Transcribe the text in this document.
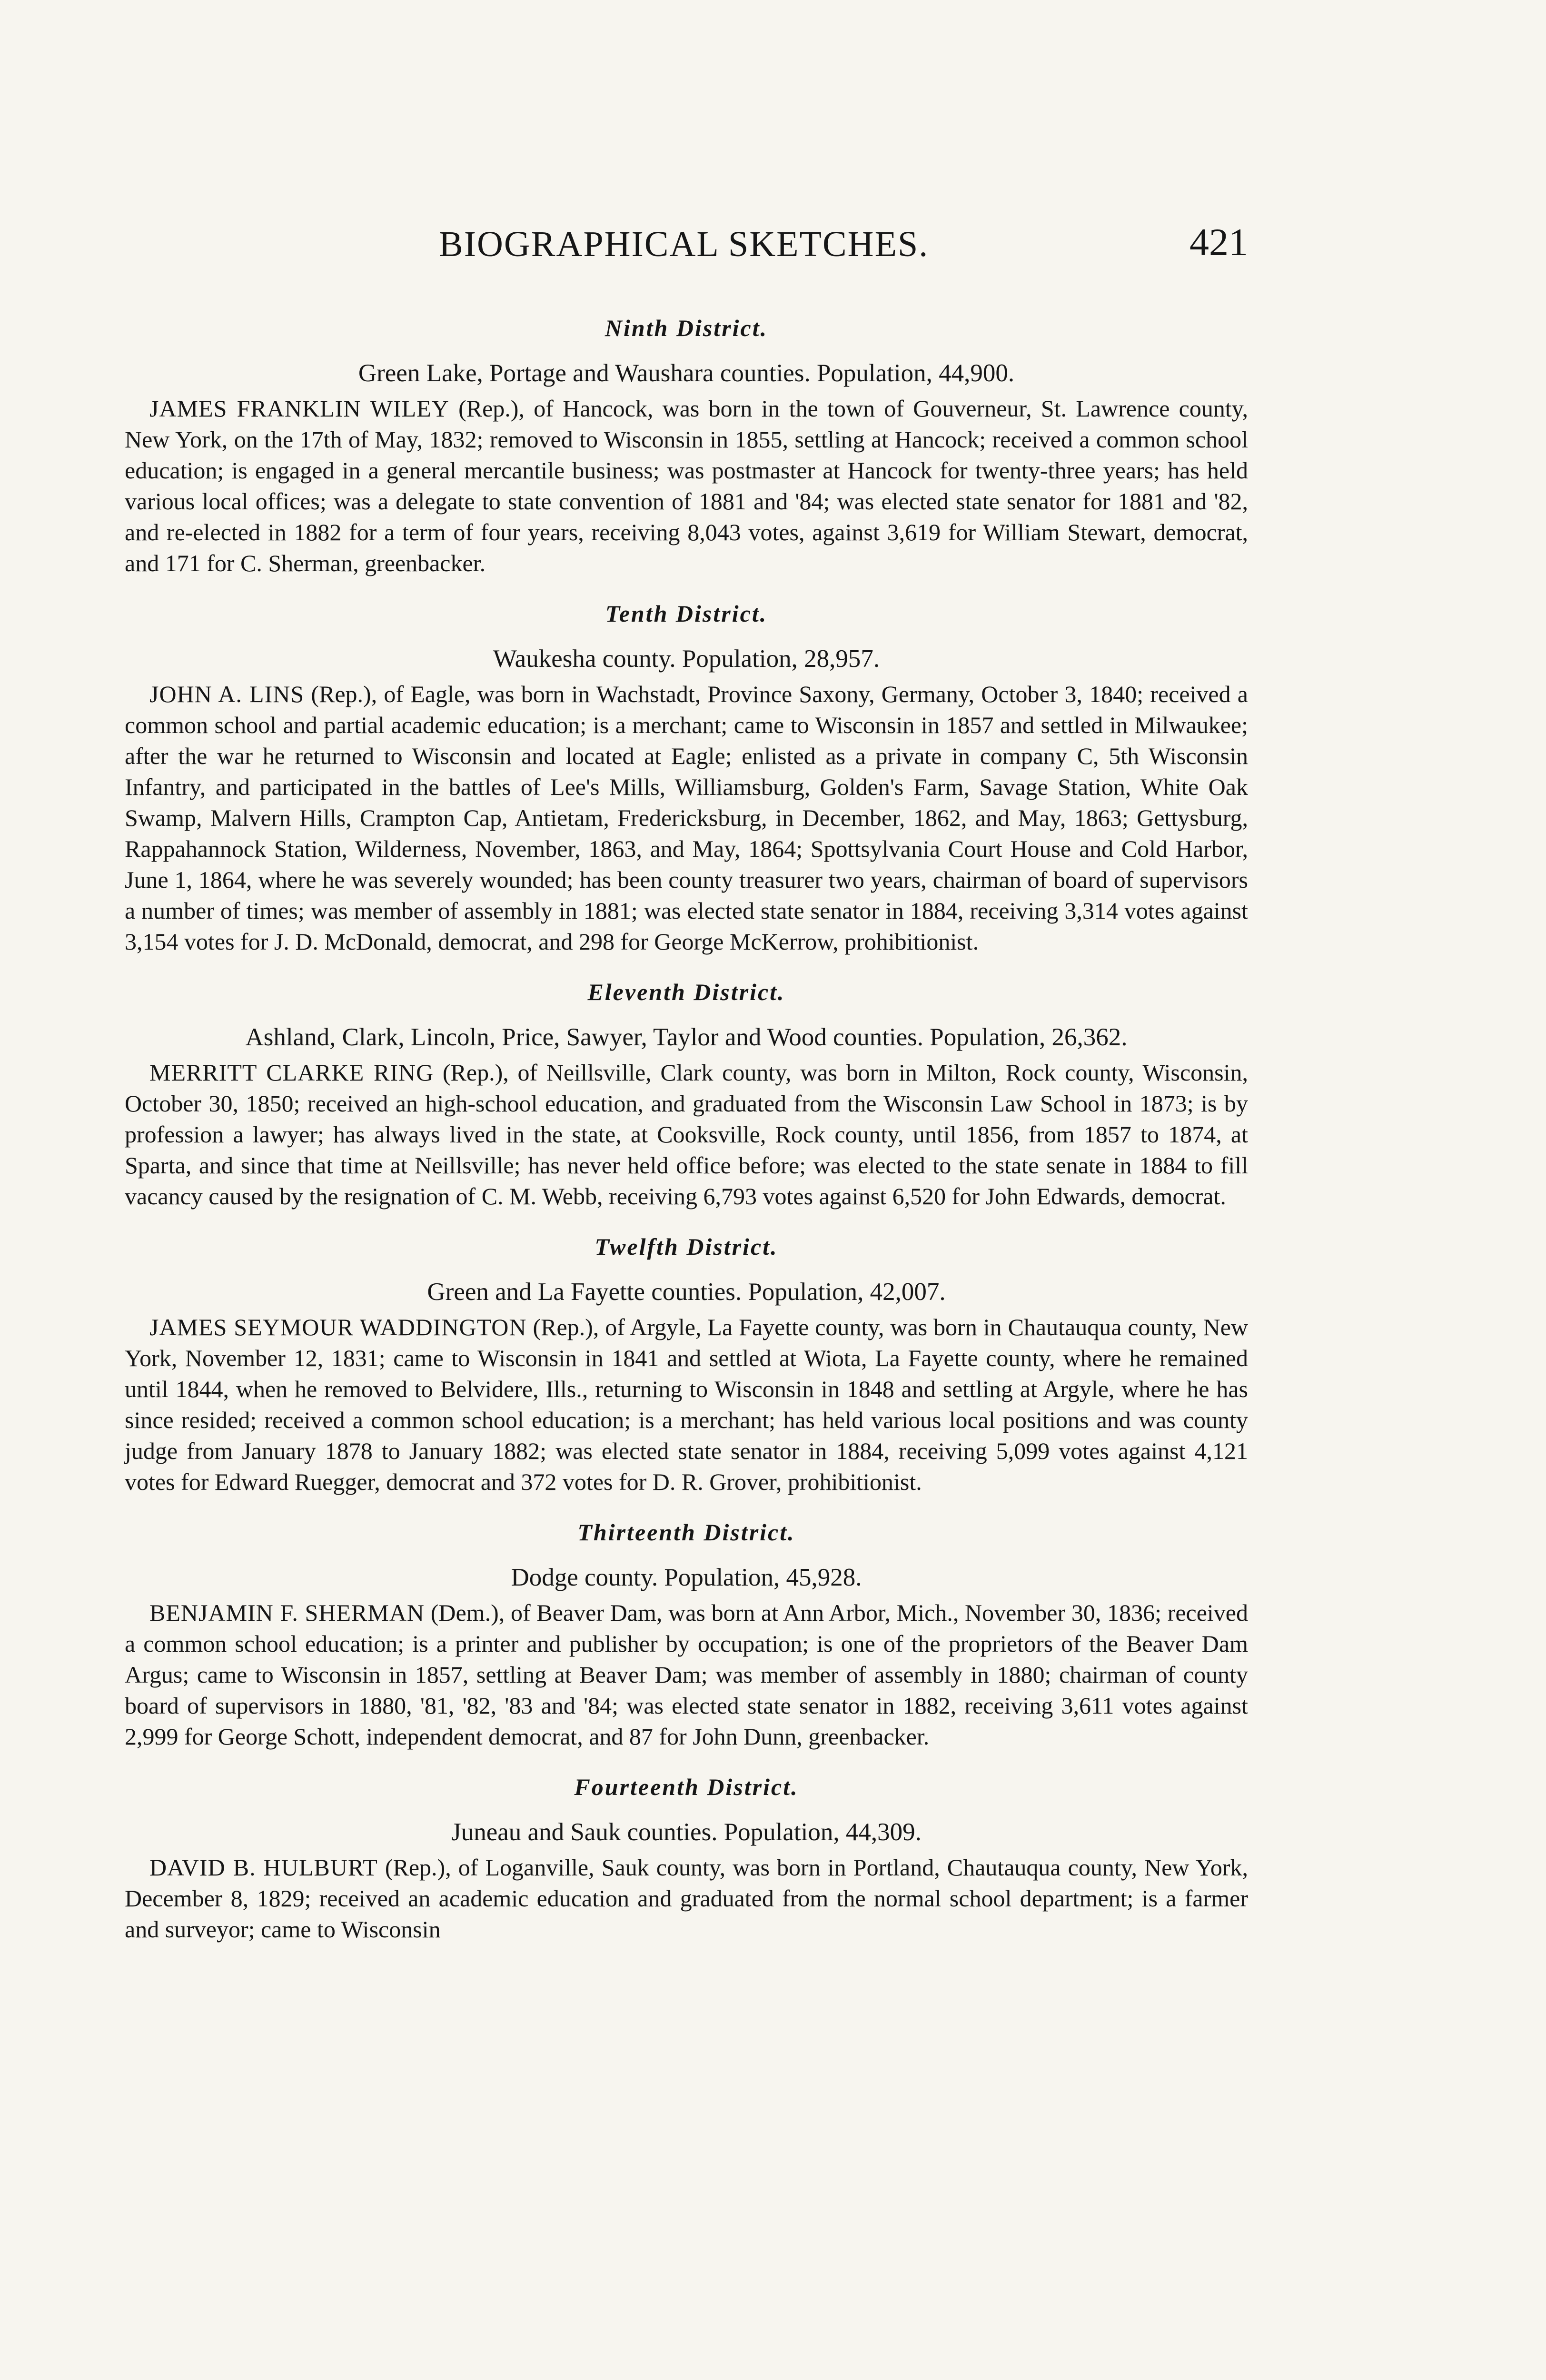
BIOGRAPHICAL SKETCHES.	421

Ninth District.

Green Lake, Portage and Waushara counties. Population, 44,900.

JAMES FRANKLIN WILEY (Rep.), of Hancock, was born in the town of Gouverneur, St. Lawrence county, New York, on the 17th of May, 1832; removed to Wisconsin in 1855, settling at Hancock; received a common school education; is engaged in a general mercantile business; was postmaster at Hancock for twenty-three years; has held various local offices; was a delegate to state convention of 1881 and '84; was elected state senator for 1881 and '82, and re-elected in 1882 for a term of four years, receiving 8,043 votes, against 3,619 for William Stewart, democrat, and 171 for C. Sherman, greenbacker.

Tenth District.

Waukesha county. Population, 28,957.

JOHN A. LINS (Rep.), of Eagle, was born in Wachstadt, Province Saxony, Germany, October 3, 1840; received a common school and partial academic education; is a merchant; came to Wisconsin in 1857 and settled in Milwaukee; after the war he returned to Wisconsin and located at Eagle; enlisted as a private in company C, 5th Wisconsin Infantry, and participated in the battles of Lee's Mills, Williamsburg, Golden's Farm, Savage Station, White Oak Swamp, Malvern Hills, Crampton Cap, Antietam, Fredericksburg, in December, 1862, and May, 1863; Gettysburg, Rappahannock Station, Wilderness, November, 1863, and May, 1864; Spottsylvania Court House and Cold Harbor, June 1, 1864, where he was severely wounded; has been county treasurer two years, chairman of board of supervisors a number of times; was member of assembly in 1881; was elected state senator in 1884, receiving 3,314 votes against 3,154 votes for J. D. McDonald, democrat, and 298 for George McKerrow, prohibitionist.

Eleventh District.

Ashland, Clark, Lincoln, Price, Sawyer, Taylor and Wood counties. Population, 26,362.

MERRITT CLARKE RING (Rep.), of Neillsville, Clark county, was born in Milton, Rock county, Wisconsin, October 30, 1850; received an high-school education, and graduated from the Wisconsin Law School in 1873; is by profession a lawyer; has always lived in the state, at Cooksville, Rock county, until 1856, from 1857 to 1874, at Sparta, and since that time at Neillsville; has never held office before; was elected to the state senate in 1884 to fill vacancy caused by the resignation of C. M. Webb, receiving 6,793 votes against 6,520 for John Edwards, democrat.

Twelfth District.

Green and La Fayette counties. Population, 42,007.

JAMES SEYMOUR WADDINGTON (Rep.), of Argyle, La Fayette county, was born in Chautauqua county, New York, November 12, 1831; came to Wisconsin in 1841 and settled at Wiota, La Fayette county, where he remained until 1844, when he removed to Belvidere, Ills., returning to Wisconsin in 1848 and settling at Argyle, where he has since resided; received a common school education; is a merchant; has held various local positions and was county judge from January 1878 to January 1882; was elected state senator in 1884, receiving 5,099 votes against 4,121 votes for Edward Ruegger, democrat and 372 votes for D. R. Grover, prohibitionist.

Thirteenth District.

Dodge county. Population, 45,928.

BENJAMIN F. SHERMAN (Dem.), of Beaver Dam, was born at Ann Arbor, Mich., November 30, 1836; received a common school education; is a printer and publisher by occupation; is one of the proprietors of the Beaver Dam Argus; came to Wisconsin in 1857, settling at Beaver Dam; was member of assembly in 1880; chairman of county board of supervisors in 1880, '81, '82, '83 and '84; was elected state senator in 1882, receiving 3,611 votes against 2,999 for George Schott, independent democrat, and 87 for John Dunn, greenbacker.

Fourteenth District.

Juneau and Sauk counties. Population, 44,309.

DAVID B. HULBURT (Rep.), of Loganville, Sauk county, was born in Portland, Chautauqua county, New York, December 8, 1829; received an academic education and graduated from the normal school department; is a farmer and surveyor; came to Wisconsin
